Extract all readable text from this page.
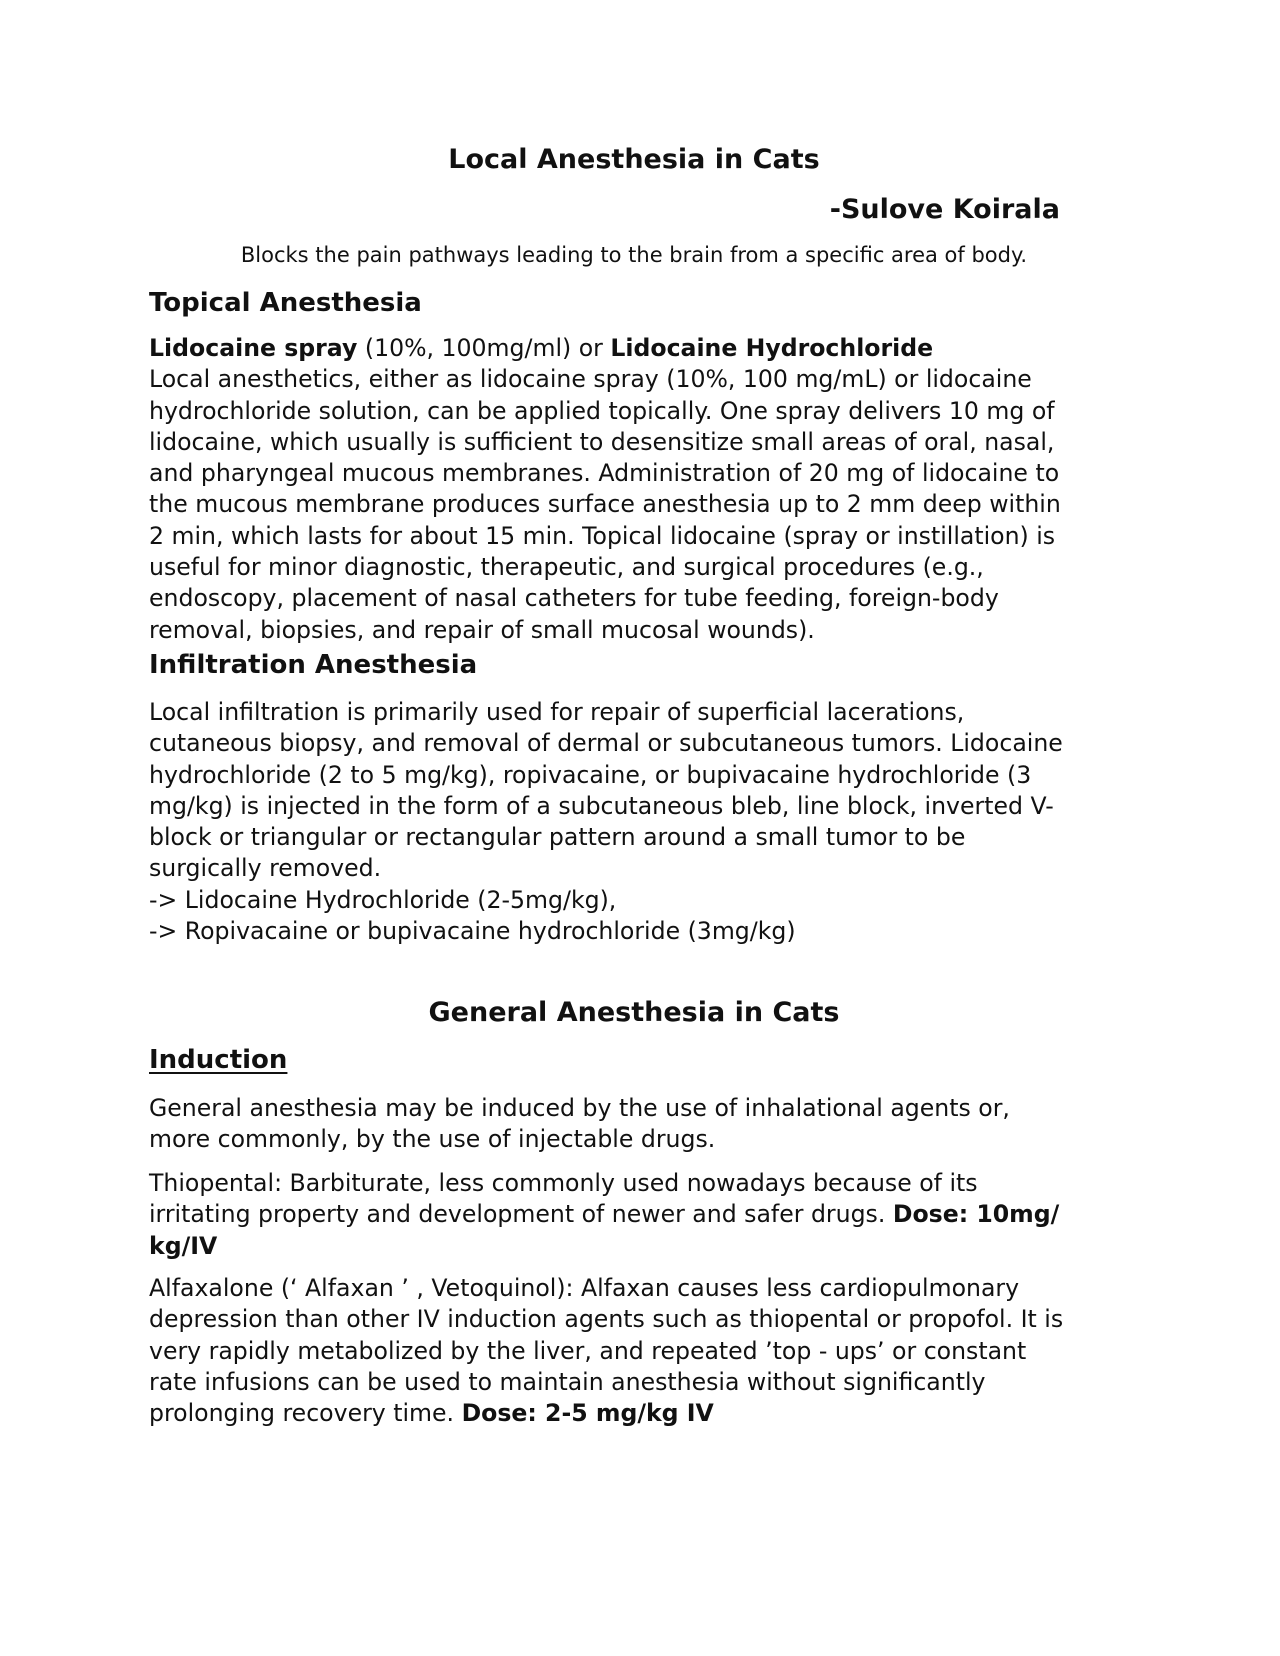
Local Anesthesia in Cats

-Sulove Koirala

Blocks the pain pathways leading to the brain from a specific area of body.

Topical Anesthesia
Lidocaine spray (10%, 100mg/ml) or Lidocaine Hydrochloride
Local anesthetics, either as lidocaine spray (10%, 100 mg/mL) or lidocaine
hydrochloride solution, can be applied topically. One spray delivers 10 mg of
lidocaine, which usually is sufficient to desensitize small areas of oral, nasal,
and pharyngeal mucous membranes. Administration of 20 mg of lidocaine to
the mucous membrane produces surface anesthesia up to 2 mm deep within
2 min, which lasts for about 15 min. Topical lidocaine (spray or instillation) is
useful for minor diagnostic, therapeutic, and surgical procedures (e.g.,
endoscopy, placement of nasal catheters for tube feeding, foreign-body
removal, biopsies, and repair of small mucosal wounds).
Infiltration Anesthesia
Local infiltration is primarily used for repair of superficial lacerations,
cutaneous biopsy, and removal of dermal or subcutaneous tumors. Lidocaine
hydrochloride (2 to 5 mg/kg), ropivacaine, or bupivacaine hydrochloride (3
mg/kg) is injected in the form of a subcutaneous bleb, line block, inverted V-
block or triangular or rectangular pattern around a small tumor to be
surgically removed.
-> Lidocaine Hydrochloride (2-5mg/kg),
-> Ropivacaine or bupivacaine hydrochloride (3mg/kg)
General Anesthesia in Cats
Induction
General anesthesia may be induced by the use of inhalational agents or,
more commonly, by the use of injectable drugs.
Thiopental: Barbiturate, less commonly used nowadays because of its
irritating property and development of newer and safer drugs. Dose: 10mg/
kg/IV
Alfaxalone (‘ Alfaxan ’ , Vetoquinol): Alfaxan causes less cardiopulmonary
depression than other IV induction agents such as thiopental or propofol. It is
very rapidly metabolized by the liver, and repeated ’top - ups’ or constant
rate infusions can be used to maintain anesthesia without significantly
prolonging recovery time. Dose: 2-5 mg/kg IV
